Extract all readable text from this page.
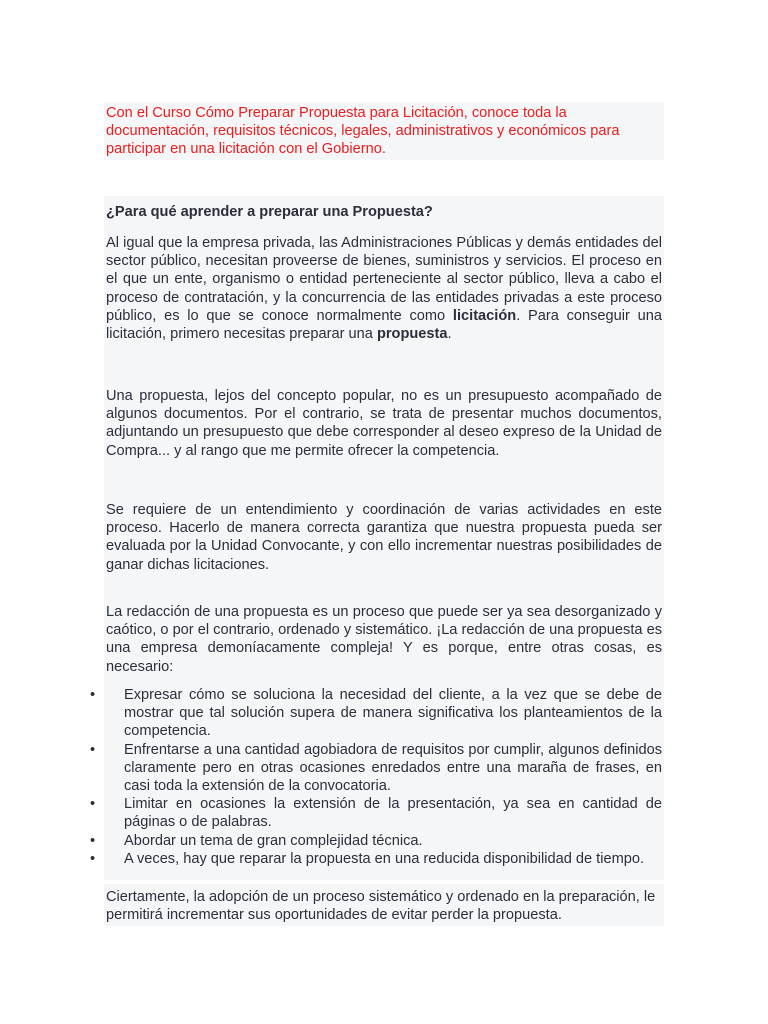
Con el Curso Cómo Preparar Propuesta para Licitación, conoce toda la documentación, requisitos técnicos, legales, administrativos y económicos para participar en una licitación con el Gobierno.

¿Para qué aprender a preparar una Propuesta?

Al igual que la empresa privada, las Administraciones Públicas y demás entidades del sector público, necesitan proveerse de bienes, suministros y servicios. El proceso en el que un ente, organismo o entidad perteneciente al sector público, lleva a cabo el proceso de contratación, y la concurrencia de las entidades privadas a este proceso público, es lo que se conoce normalmente como licitación. Para conseguir una licitación, primero necesitas preparar una propuesta.

Una propuesta, lejos del concepto popular, no es un presupuesto acompañado de algunos documentos. Por el contrario, se trata de presentar muchos documentos, adjuntando un presupuesto que debe corresponder al deseo expreso de la Unidad de Compra... y al rango que me permite ofrecer la competencia.

Se requiere de un entendimiento y coordinación de varias actividades en este proceso. Hacerlo de manera correcta garantiza que nuestra propuesta pueda ser evaluada por la Unidad Convocante, y con ello incrementar nuestras posibilidades de ganar dichas licitaciones.

La redacción de una propuesta es un proceso que puede ser ya sea desorganizado y caótico, o por el contrario, ordenado y sistemático. ¡La redacción de una propuesta es una empresa demoníacamente compleja! Y es porque, entre otras cosas, es necesario:

•	Expresar cómo se soluciona la necesidad del cliente, a la vez que se debe de mostrar que tal solución supera de manera significativa los planteamientos de la competencia.
•	Enfrentarse a una cantidad agobiadora de requisitos por cumplir, algunos definidos claramente pero en otras ocasiones enredados entre una maraña de frases, en casi toda la extensión de la convocatoria.
•	Limitar en ocasiones la extensión de la presentación, ya sea en cantidad de páginas o de palabras.
•	Abordar un tema de gran complejidad técnica.
•	A veces, hay que reparar la propuesta en una reducida disponibilidad de tiempo.

Ciertamente, la adopción de un proceso sistemático y ordenado en la preparación, le permitirá incrementar sus oportunidades de evitar perder la propuesta.
